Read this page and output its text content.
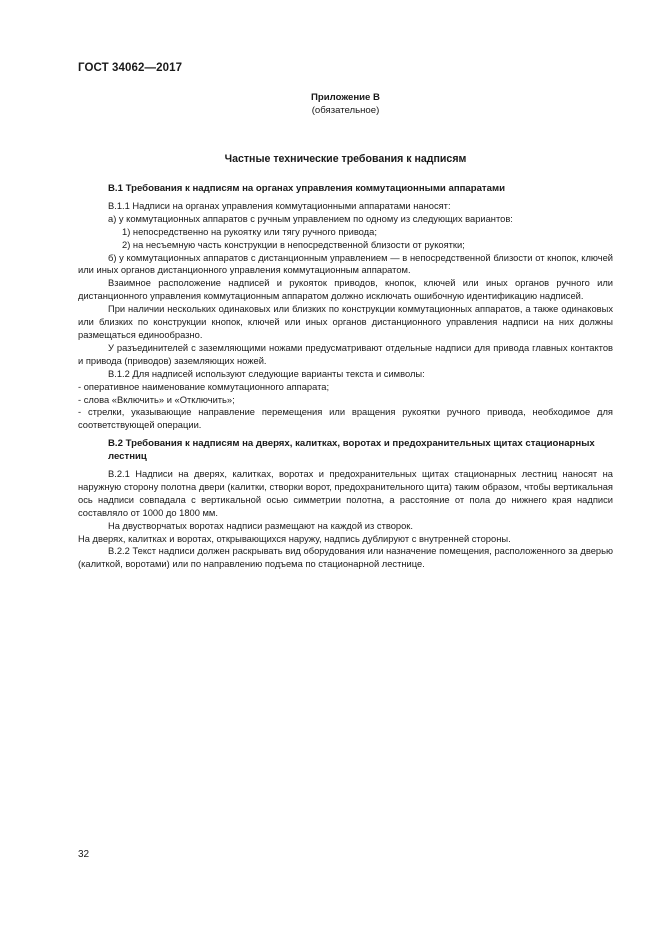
ГОСТ 34062—2017
Приложение В
(обязательное)
Частные технические требования к надписям
В.1 Требования к надписям на органах управления коммутационными аппаратами

В.1.1 Надписи на органах управления коммутационными аппаратами наносят:

а) у коммутационных аппаратов с ручным управлением по одному из следующих вариантов:

1) непосредственно на рукоятку или тягу ручного привода;

2) на несъемную часть конструкции в непосредственной близости от рукоятки;

б) у коммутационных аппаратов с дистанционным управлением — в непосредственной близости от кнопок, ключей или иных органов дистанционного управления коммутационным аппаратом.

Взаимное расположение надписей и рукояток приводов, кнопок, ключей или иных органов ручного или дистанционного управления коммутационным аппаратом должно исключать ошибочную идентификацию надписей.

При наличии нескольких одинаковых или близких по конструкции коммутационных аппаратов, а также одинаковых или близких по конструкции кнопок, ключей или иных органов дистанционного управления надписи на них должны размещаться единообразно.

У разъединителей с заземляющими ножами предусматривают отдельные надписи для привода главных контактов и привода (приводов) заземляющих ножей.

В.1.2 Для надписей используют следующие варианты текста и символы:

- оперативное наименование коммутационного аппарата;

- слова «Включить» и «Отключить»;

- стрелки, указывающие направление перемещения или вращения рукоятки ручного привода, необходимое для соответствующей операции.

В.2 Требования к надписям на дверях, калитках, воротах и предохранительных щитах стационарных лестниц

В.2.1 Надписи на дверях, калитках, воротах и предохранительных щитах стационарных лестниц наносят на наружную сторону полотна двери (калитки, створки ворот, предохранительного щита) таким образом, чтобы вертикальная ось надписи совпадала с вертикальной осью симметрии полотна, а расстояние от пола до нижнего края надписи составляло от 1000 до 1800 мм.

На двустворчатых воротах надписи размещают на каждой из створок.

На дверях, калитках и воротах, открывающихся наружу, надпись дублируют с внутренней стороны.

В.2.2 Текст надписи должен раскрывать вид оборудования или назначение помещения, расположенного за дверью (калиткой, воротами) или по направлению подъема по стационарной лестнице.

32
